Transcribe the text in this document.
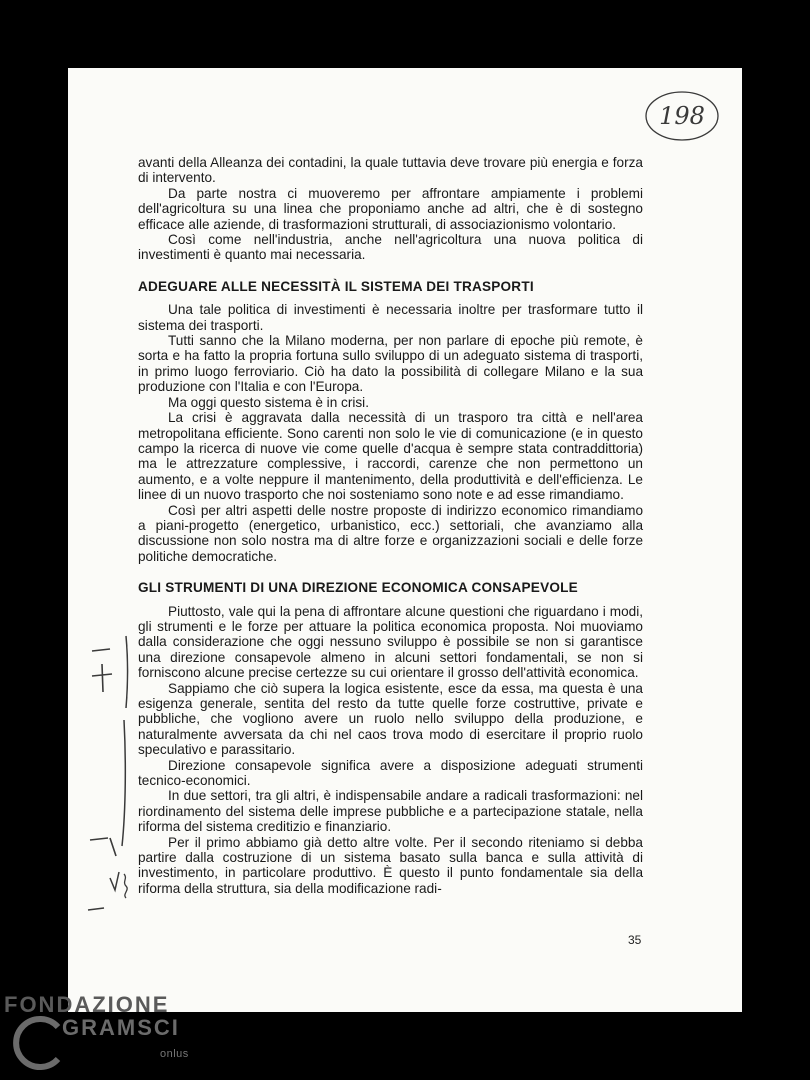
198

avanti della Alleanza dei contadini, la quale tuttavia deve trovare più energia e forza di intervento.

Da parte nostra ci muoveremo per affrontare ampiamente i problemi dell'agricoltura su una linea che proponiamo anche ad altri, che è di sostegno efficace alle aziende, di trasformazioni strutturali, di associazionismo volontario.

Così come nell'industria, anche nell'agricoltura una nuova politica di investimenti è quanto mai necessaria.

ADEGUARE ALLE NECESSITÀ IL SISTEMA DEI TRASPORTI

Una tale politica di investimenti è necessaria inoltre per trasformare tutto il sistema dei trasporti.

Tutti sanno che la Milano moderna, per non parlare di epoche più remote, è sorta e ha fatto la propria fortuna sullo sviluppo di un adeguato sistema di trasporti, in primo luogo ferroviario. Ciò ha dato la possibilità di collegare Milano e la sua produzione con l'Italia e con l'Europa.

Ma oggi questo sistema è in crisi.

La crisi è aggravata dalla necessità di un trasporo tra città e nell'area metropolitana efficiente. Sono carenti non solo le vie di comunicazione (e in questo campo la ricerca di nuove vie come quelle d'acqua è sempre stata contraddittoria) ma le attrezzature complessive, i raccordi, carenze che non permettono un aumento, e a volte neppure il mantenimento, della produttività e dell'efficienza. Le linee di un nuovo trasporto che noi sosteniamo sono note e ad esse rimandiamo.

Così per altri aspetti delle nostre proposte di indirizzo economico rimandiamo a piani-progetto (energetico, urbanistico, ecc.) settoriali, che avanziamo alla discussione non solo nostra ma di altre forze e organizzazioni sociali e delle forze politiche democratiche.

GLI STRUMENTI DI UNA DIREZIONE ECONOMICA CONSAPEVOLE

Piuttosto, vale qui la pena di affrontare alcune questioni che riguardano i modi, gli strumenti e le forze per attuare la politica economica proposta. Noi muoviamo dalla considerazione che oggi nessuno sviluppo è possibile se non si garantisce una direzione consapevole almeno in alcuni settori fondamentali, se non si forniscono alcune precise certezze su cui orientare il grosso dell'attività economica.

Sappiamo che ciò supera la logica esistente, esce da essa, ma questa è una esigenza generale, sentita del resto da tutte quelle forze costruttive, private e pubbliche, che vogliono avere un ruolo nello sviluppo della produzione, e naturalmente avversata da chi nel caos trova modo di esercitare il proprio ruolo speculativo e parassitario.

Direzione consapevole significa avere a disposizione adeguati strumenti tecnico-economici.

In due settori, tra gli altri, è indispensabile andare a radicali trasformazioni: nel riordinamento del sistema delle imprese pubbliche e a partecipazione statale, nella riforma del sistema creditizio e finanziario.

Per il primo abbiamo già detto altre volte. Per il secondo riteniamo si debba partire dalla costruzione di un sistema basato sulla banca e sulla attività di investimento, in particolare produttivo. È questo il punto fondamentale sia della riforma della struttura, sia della modificazione radi-

35
FONDAZIONE
GRAMSCI
onlus
